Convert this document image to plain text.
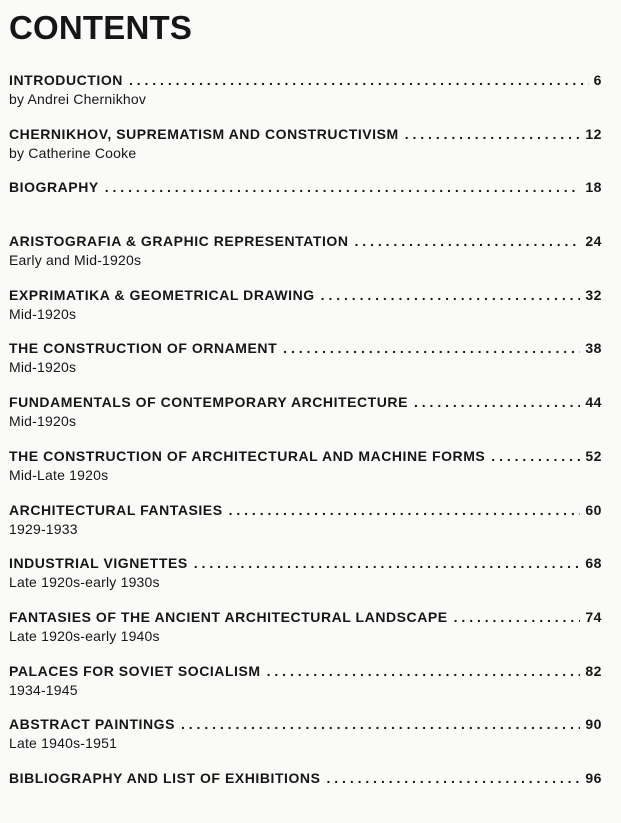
CONTENTS
INTRODUCTION . . .	6
by Andrei Chernikhov
CHERNIKHOV, SUPREMATISM AND CONSTRUCTIVISM . . .	12
by Catherine Cooke
BIOGRAPHY . . .	18
ARISTOGRAFIA & GRAPHIC REPRESENTATION . . .	24
Early and Mid-1920s
EXPRIMATIKA & GEOMETRICAL DRAWING . . .	32
Mid-1920s
THE CONSTRUCTION OF ORNAMENT . . .	38
Mid-1920s
FUNDAMENTALS OF CONTEMPORARY ARCHITECTURE . . .	44
Mid-1920s
THE CONSTRUCTION OF ARCHITECTURAL AND MACHINE FORMS . . .	52
Mid-Late 1920s
ARCHITECTURAL FANTASIES . . .	60
1929-1933
INDUSTRIAL VIGNETTES . . .	68
Late 1920s-early 1930s
FANTASIES OF THE ANCIENT ARCHITECTURAL LANDSCAPE . . .	74
Late 1920s-early 1940s
PALACES FOR SOVIET SOCIALISM . . .	82
1934-1945
ABSTRACT PAINTINGS . . .	90
Late 1940s-1951
BIBLIOGRAPHY AND LIST OF EXHIBITIONS . . .	96
